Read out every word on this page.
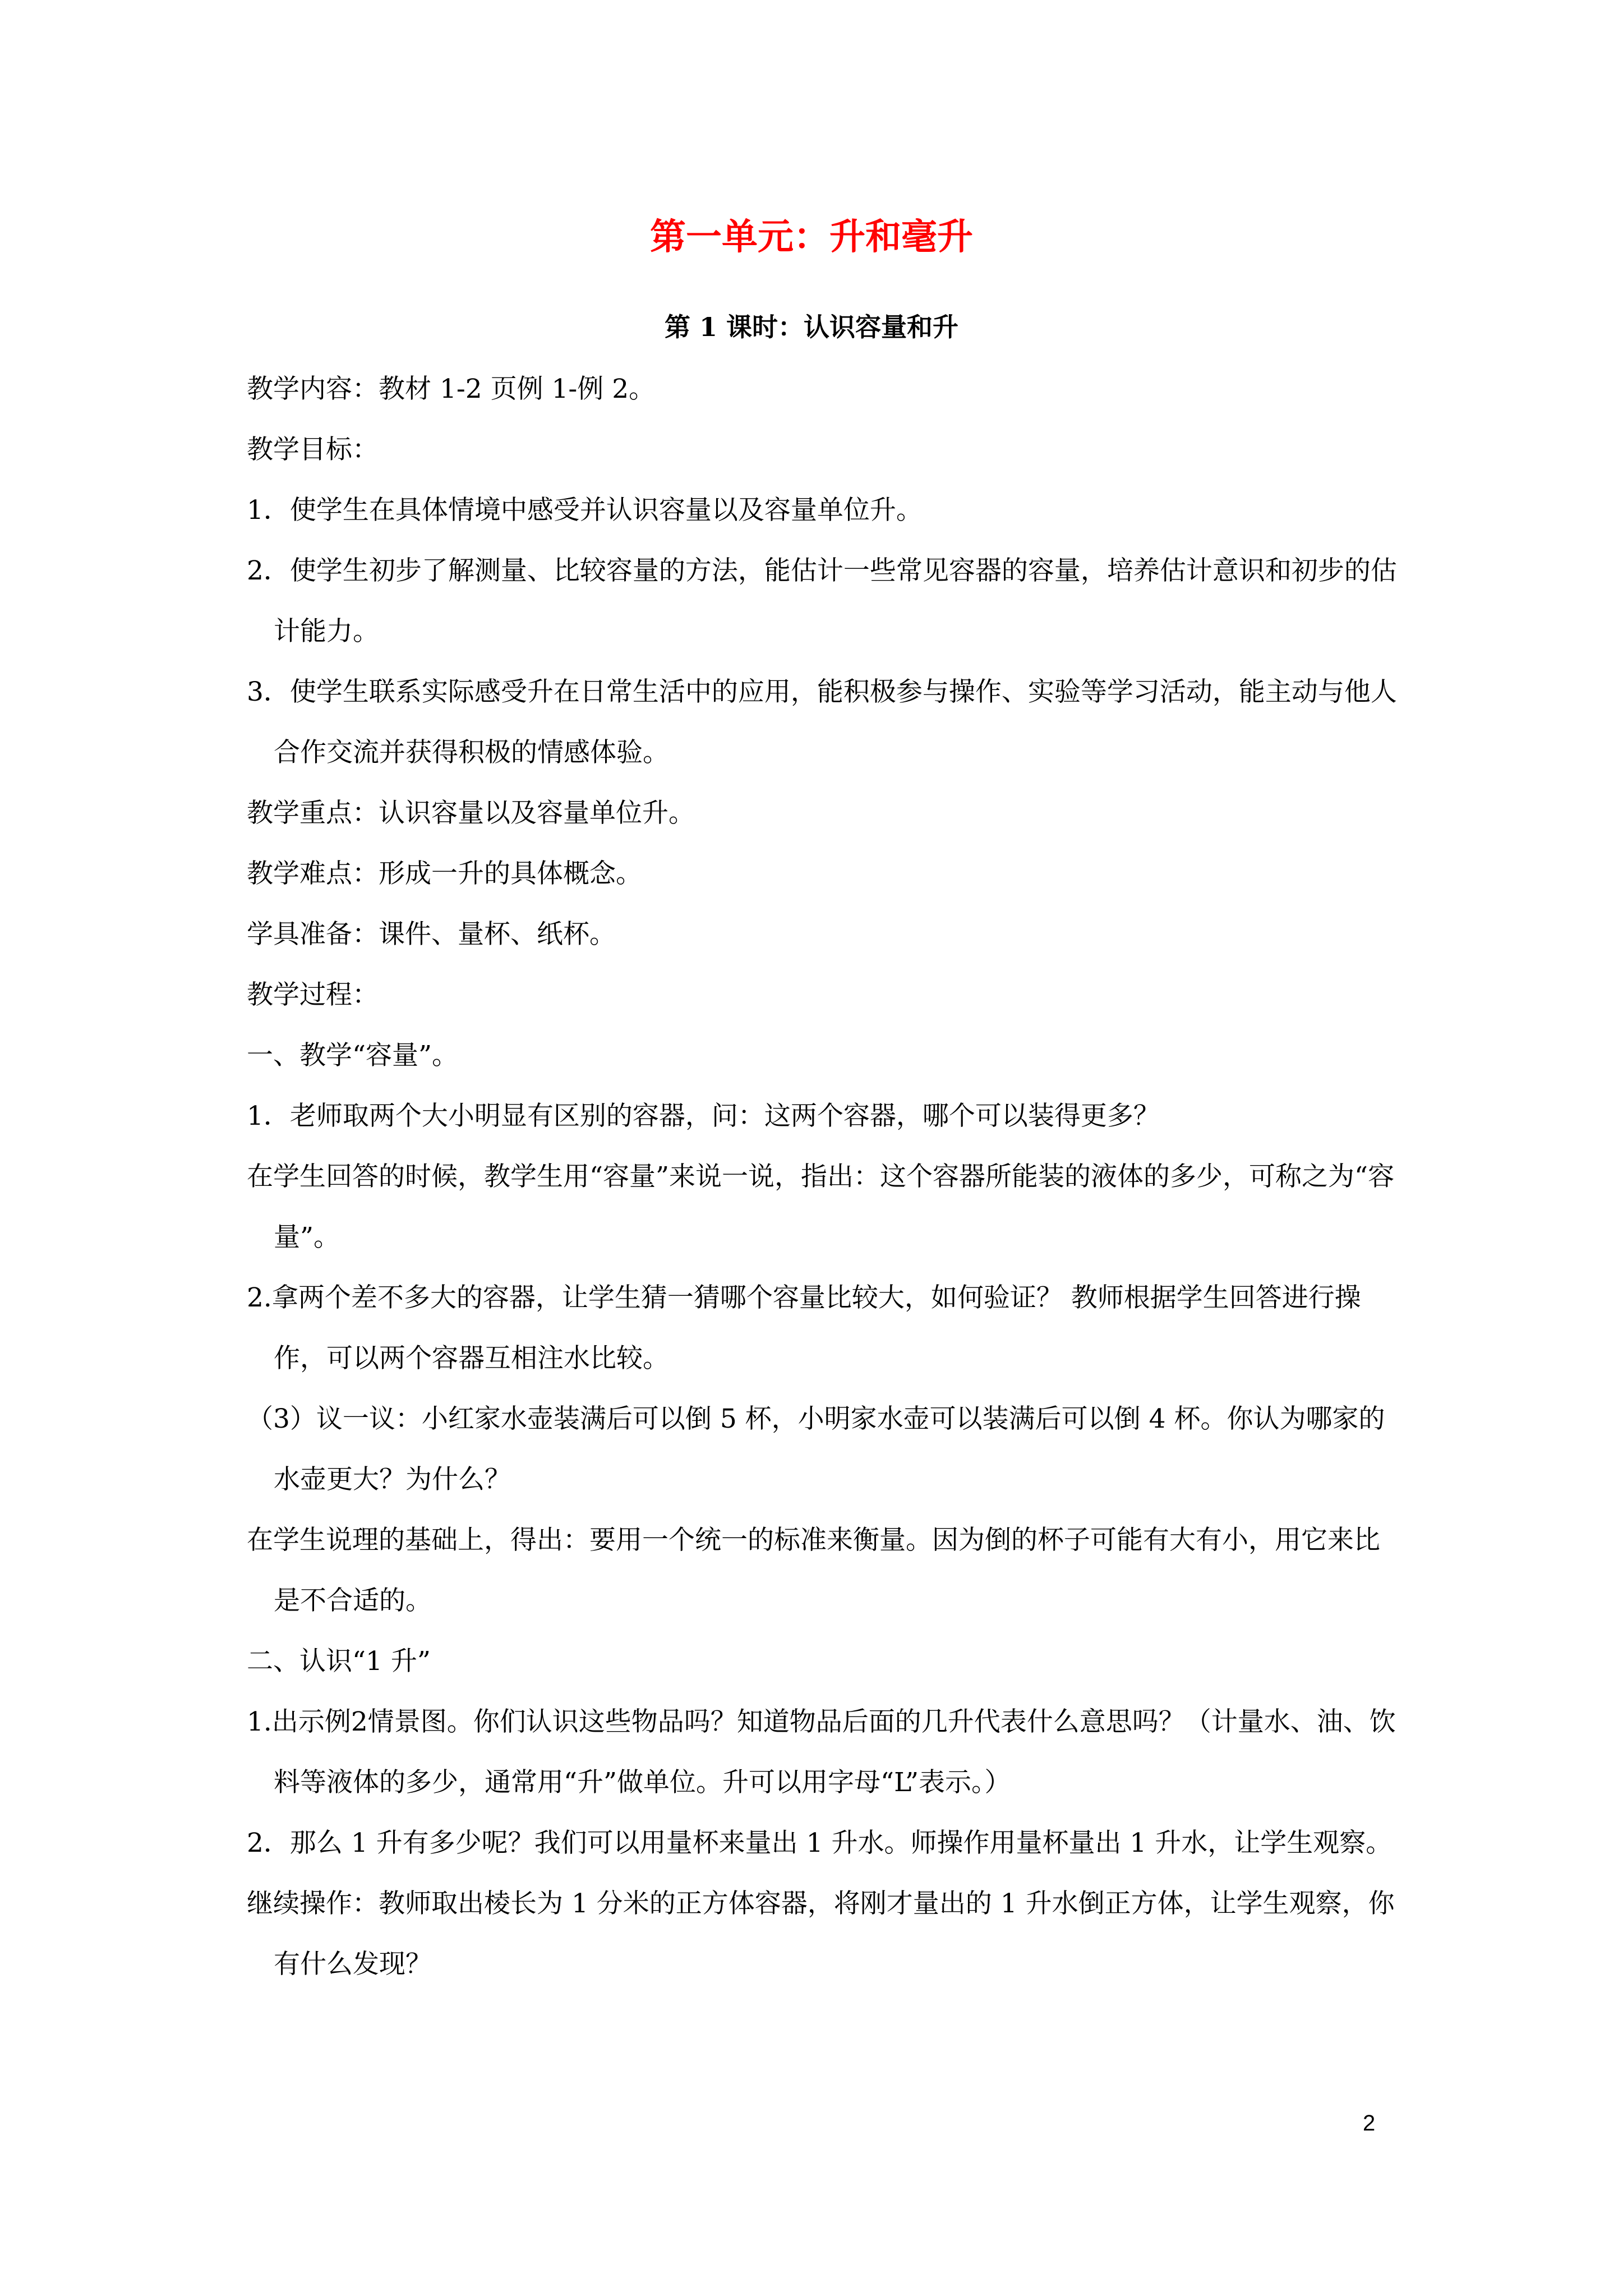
第一单元：升和毫升
第 1 课时：认识容量和升

教学内容：教材 1-2 页例 1-例 2。

教学目标：

1．使学生在具体情境中感受并认识容量以及容量单位升。

2．使学生初步了解测量、比较容量的方法，能估计一些常见容器的容量，培养估计意识和初步的估计能力。

3．使学生联系实际感受升在日常生活中的应用，能积极参与操作、实验等学习活动，能主动与他人合作交流并获得积极的情感体验。

教学重点：认识容量以及容量单位升。

教学难点：形成一升的具体概念。

学具准备：课件、量杯、纸杯。

教学过程：

一、教学“容量”。

1．老师取两个大小明显有区别的容器，问：这两个容器，哪个可以装得更多？

在学生回答的时候，教学生用“容量”来说一说，指出：这个容器所能装的液体的多少，可称之为“容量”。

2.拿两个差不多大的容器，让学生猜一猜哪个容量比较大，如何验证？ 教师根据学生回答进行操作，可以两个容器互相注水比较。

（3）议一议：小红家水壶装满后可以倒 5 杯，小明家水壶可以装满后可以倒 4 杯。你认为哪家的水壶更大？为什么？

在学生说理的基础上，得出：要用一个统一的标准来衡量。因为倒的杯子可能有大有小，用它来比是不合适的。

二、认识“1 升”

1.出示例2情景图。你们认识这些物品吗？知道物品后面的几升代表什么意思吗？（计量水、油、饮料等液体的多少，通常用“升”做单位。升可以用字母“L”表示。）

2．那么 1 升有多少呢？我们可以用量杯来量出 1 升水。师操作用量杯量出 1 升水，让学生观察。

继续操作：教师取出棱长为 1 分米的正方体容器，将刚才量出的 1 升水倒正方体，让学生观察，你有什么发现？

2
